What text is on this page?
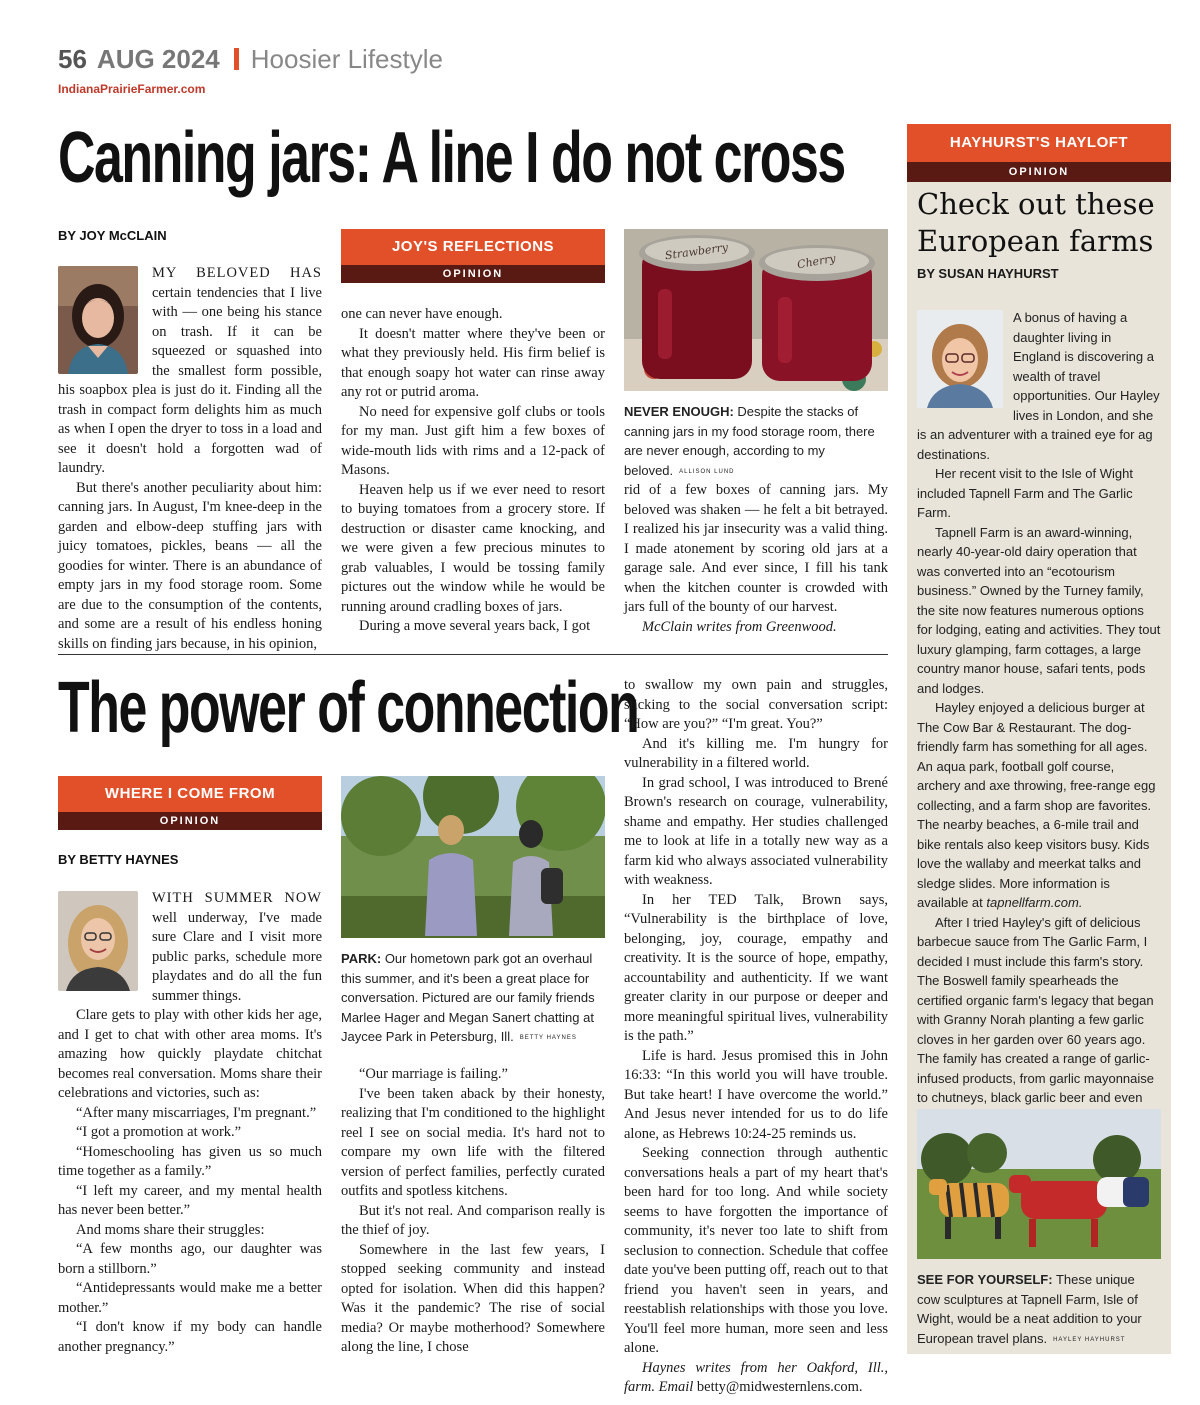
56 AUG 2024 Hoosier Lifestyle
IndianaPrairieFarmer.com
Canning jars: A line I do not cross
BY JOY McCLAIN

MY BELOVED HAS certain tendencies that I live with — one being his stance on trash. If it can be squeezed or squashed into the smallest form possible, his soapbox plea is just do it. Finding all the trash in compact form delights him as much as when I open the dryer to toss in a load and see it doesn't hold a forgotten wad of laundry.

But there's another peculiarity about him: canning jars. In August, I'm knee-deep in the garden and elbow-deep stuffing jars with juicy tomatoes, pickles, beans — all the goodies for winter. There is an abundance of empty jars in my food storage room. Some are due to the consumption of the contents, and some are a result of his endless honing skills on finding jars because, in his opinion,

JOY'S REFLECTIONS
OPINION

one can never have enough.

It doesn't matter where they've been or what they previously held. His firm belief is that enough soapy hot water can rinse away any rot or putrid aroma.

No need for expensive golf clubs or tools for my man. Just gift him a few boxes of wide-mouth lids with rims and a 12-pack of Masons.

Heaven help us if we ever need to resort to buying tomatoes from a grocery store. If destruction or disaster came knocking, and we were given a few precious minutes to grab valuables, I would be tossing family pictures out the window while he would be running around cradling boxes of jars.

During a move several years back, I got

Strawberry	Cherry
NEVER ENOUGH: Despite the stacks of canning jars in my food storage room, there are never enough, according to my beloved. ALLISON LUND

rid of a few boxes of canning jars. My beloved was shaken — he felt a bit betrayed. I realized his jar insecurity was a valid thing. I made atonement by scoring old jars at a garage sale. And ever since, I fill his tank when the kitchen counter is crowded with jars full of the bounty of our harvest.

McClain writes from Greenwood.

The power of connection
WHERE I COME FROM
OPINION
BY BETTY HAYNES

WITH SUMMER NOW well underway, I've made sure Clare and I visit more public parks, schedule more playdates and do all the fun summer things.

Clare gets to play with other kids her age, and I get to chat with other area moms. It's amazing how quickly playdate chitchat becomes real conversation. Moms share their celebrations and victories, such as:

“After many miscarriages, I'm pregnant.”

“I got a promotion at work.”

“Homeschooling has given us so much time together as a family.”

“I left my career, and my mental health has never been better.”

And moms share their struggles:

“A few months ago, our daughter was born a stillborn.”

“Antidepressants would make me a better mother.”

“I don't know if my body can handle another pregnancy.”

PARK: Our hometown park got an overhaul this summer, and it's been a great place for conversation. Pictured are our family friends Marlee Hager and Megan Sanert chatting at Jaycee Park in Petersburg, Ill. BETTY HAYNES

“Our marriage is failing.”

I've been taken aback by their honesty, realizing that I'm conditioned to the highlight reel I see on social media. It's hard not to compare my own life with the filtered version of perfect families, perfectly curated outfits and spotless kitchens.

But it's not real. And comparison really is the thief of joy.

Somewhere in the last few years, I stopped seeking community and instead opted for isolation. When did this happen? Was it the pandemic? The rise of social media? Or maybe motherhood? Somewhere along the line, I chose

to swallow my own pain and struggles, sticking to the social conversation script: “How are you?” “I'm great. You?”

And it's killing me. I'm hungry for vulnerability in a filtered world.

In grad school, I was introduced to Brené Brown's research on courage, vulnerability, shame and empathy. Her studies challenged me to look at life in a totally new way as a farm kid who always associated vulnerability with weakness.

In her TED Talk, Brown says, “Vulnerability is the birthplace of love, belonging, joy, courage, empathy and creativity. It is the source of hope, empathy, accountability and authenticity. If we want greater clarity in our purpose or deeper and more meaningful spiritual lives, vulnerability is the path.”

Life is hard. Jesus promised this in John 16:33: “In this world you will have trouble. But take heart! I have overcome the world.” And Jesus never intended for us to do life alone, as Hebrews 10:24-25 reminds us.

Seeking connection through authentic conversations heals a part of my heart that's been hard for too long. And while society seems to have forgotten the importance of community, it's never too late to shift from seclusion to connection. Schedule that coffee date you've been putting off, reach out to that friend you haven't seen in years, and reestablish relationships with those you love. You'll feel more human, more seen and less alone.

Haynes writes from her Oakford, Ill., farm. Email betty@midwesternlens.com.

HAYHURST'S HAYLOFT
OPINION
Check out these European farms
BY SUSAN HAYHURST

A bonus of having a daughter living in England is discovering a wealth of travel opportunities. Our Hayley lives in London, and she is an adventurer with a trained eye for ag destinations.

Her recent visit to the Isle of Wight included Tapnell Farm and The Garlic Farm.

Tapnell Farm is an award-winning, nearly 40-year-old dairy operation that was converted into an “ecotourism business.” Owned by the Turney family, the site now features numerous options for lodging, eating and activities. They tout luxury glamping, farm cottages, a large country manor house, safari tents, pods and lodges.

Hayley enjoyed a delicious burger at The Cow Bar & Restaurant. The dog-friendly farm has something for all ages. An aqua park, football golf course, archery and axe throwing, free-range egg collecting, and a farm shop are favorites. The nearby beaches, a 6-mile trail and bike rentals also keep visitors busy. Kids love the wallaby and meerkat talks and sledge slides. More information is available at tapnellfarm.com.

After I tried Hayley's gift of delicious barbecue sauce from The Garlic Farm, I decided I must include this farm's story. The Boswell family spearheads the certified organic farm's legacy that began with Granny Norah planting a few garlic cloves in her garden over 60 years ago. The family has created a range of garlic-infused products, from garlic mayonnaise to chutneys, black garlic beer and even

SEE FOR YOURSELF: These unique cow sculptures at Tapnell Farm, Isle of Wight, would be a neat addition to your European travel plans. HAYLEY HAYHURST
